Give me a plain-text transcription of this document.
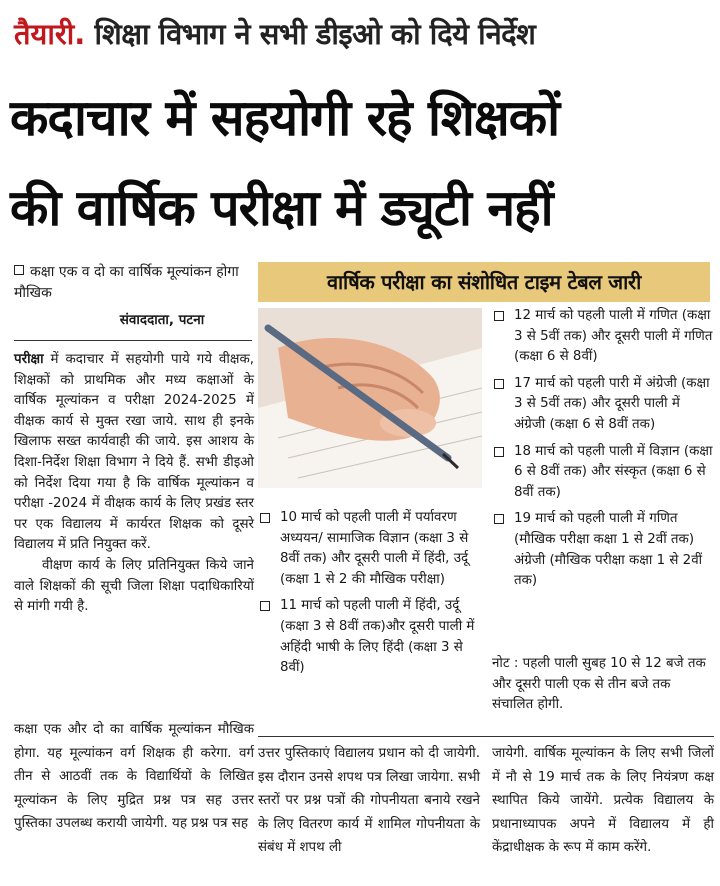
तैयारी. शिक्षा विभाग ने सभी डीइओ को दिये निर्देश
कदाचार में सहयोगी रहे शिक्षकों
की वार्षिक परीक्षा में ड्यूटी नहीं
कक्षा एक व दो का वार्षिक मूल्यांकन होगा मौखिक
संवाददाता, पटना
परीक्षा में कदाचार में सहयोगी पाये गये वीक्षक, शिक्षकों को प्राथमिक और मध्य कक्षाओं के वार्षिक मूल्यांकन व परीक्षा 2024-2025 में वीक्षक कार्य से मुक्त रखा जाये. साथ ही इनके खिलाफ सख्त कार्यवाही की जाये. इस आशय के दिशा-निर्देश शिक्षा विभाग ने दिये हैं. सभी डीइओ को निर्देश दिया गया है कि वार्षिक मूल्यांकन व परीक्षा -2024 में वीक्षक कार्य के लिए प्रखंड स्तर पर एक विद्यालय में कार्यरत शिक्षक को दूसरे विद्यालय में प्रति नियुक्त करें.
वीक्षण कार्य के लिए प्रतिनियुक्त किये जाने वाले शिक्षकों की सूची जिला शिक्षा पदाधिकारियों से मांगी गयी है.
वार्षिक परीक्षा का संशोधित टाइम टेबल जारी
10 मार्च को पहली पाली में पर्यावरण अध्ययन/ सामाजिक विज्ञान (कक्षा 3 से 8वीं तक) और दूसरी पाली में हिंदी, उर्दू (कक्षा 1 से 2 की मौखिक परीक्षा)
11 मार्च को पहली पाली में हिंदी, उर्दू (कक्षा 3 से 8वीं तक)और दूसरी पाली में अहिंदी भाषी के लिए हिंदी (कक्षा 3 से 8वीं)
12 मार्च को पहली पाली में गणित (कक्षा 3 से 5वीं तक) और दूसरी पाली में गणित (कक्षा 6 से 8वीं)
17 मार्च को पहली पारी में अंग्रेजी (कक्षा 3 से 5वीं तक) और दूसरी पाली में अंग्रेजी (कक्षा 6 से 8वीं तक)
18 मार्च को पहली पाली में विज्ञान (कक्षा 6 से 8वीं तक) और संस्कृत (कक्षा 6 से 8वीं तक)
19 मार्च को पहली पाली में गणित (मौखिक परीक्षा कक्षा 1 से 2वीं तक) अंग्रेजी (मौखिक परीक्षा कक्षा 1 से 2वीं तक)
नोट : पहली पाली सुबह 10 से 12 बजे तक और दूसरी पाली एक से तीन बजे तक संचालित होगी.
कक्षा एक और दो का वार्षिक मूल्यांकन मौखिक होगा. यह मूल्यांकन वर्ग शिक्षक ही करेगा. वर्ग तीन से आठवीं तक के विद्यार्थियों के लिखित मूल्यांकन के लिए मुद्रित प्रश्न पत्र सह उत्तर पुस्तिका उपलब्ध करायी जायेगी. यह प्रश्न पत्र सह
उत्तर पुस्तिकाएं विद्यालय प्रधान को दी जायेगी. इस दौरान उनसे शपथ पत्र लिखा जायेगा. सभी स्तरों पर प्रश्न पत्रों की गोपनीयता बनाये रखने के लिए वितरण कार्य में शामिल गोपनीयता के संबंध में शपथ ली
जायेगी. वार्षिक मूल्यांकन के लिए सभी जिलों में नौ से 19 मार्च तक के लिए नियंत्रण कक्ष स्थापित किये जायेंगे. प्रत्येक विद्यालय के प्रधानाध्यापक अपने में विद्यालय में ही केंद्राधीक्षक के रूप में काम करेंगे.
